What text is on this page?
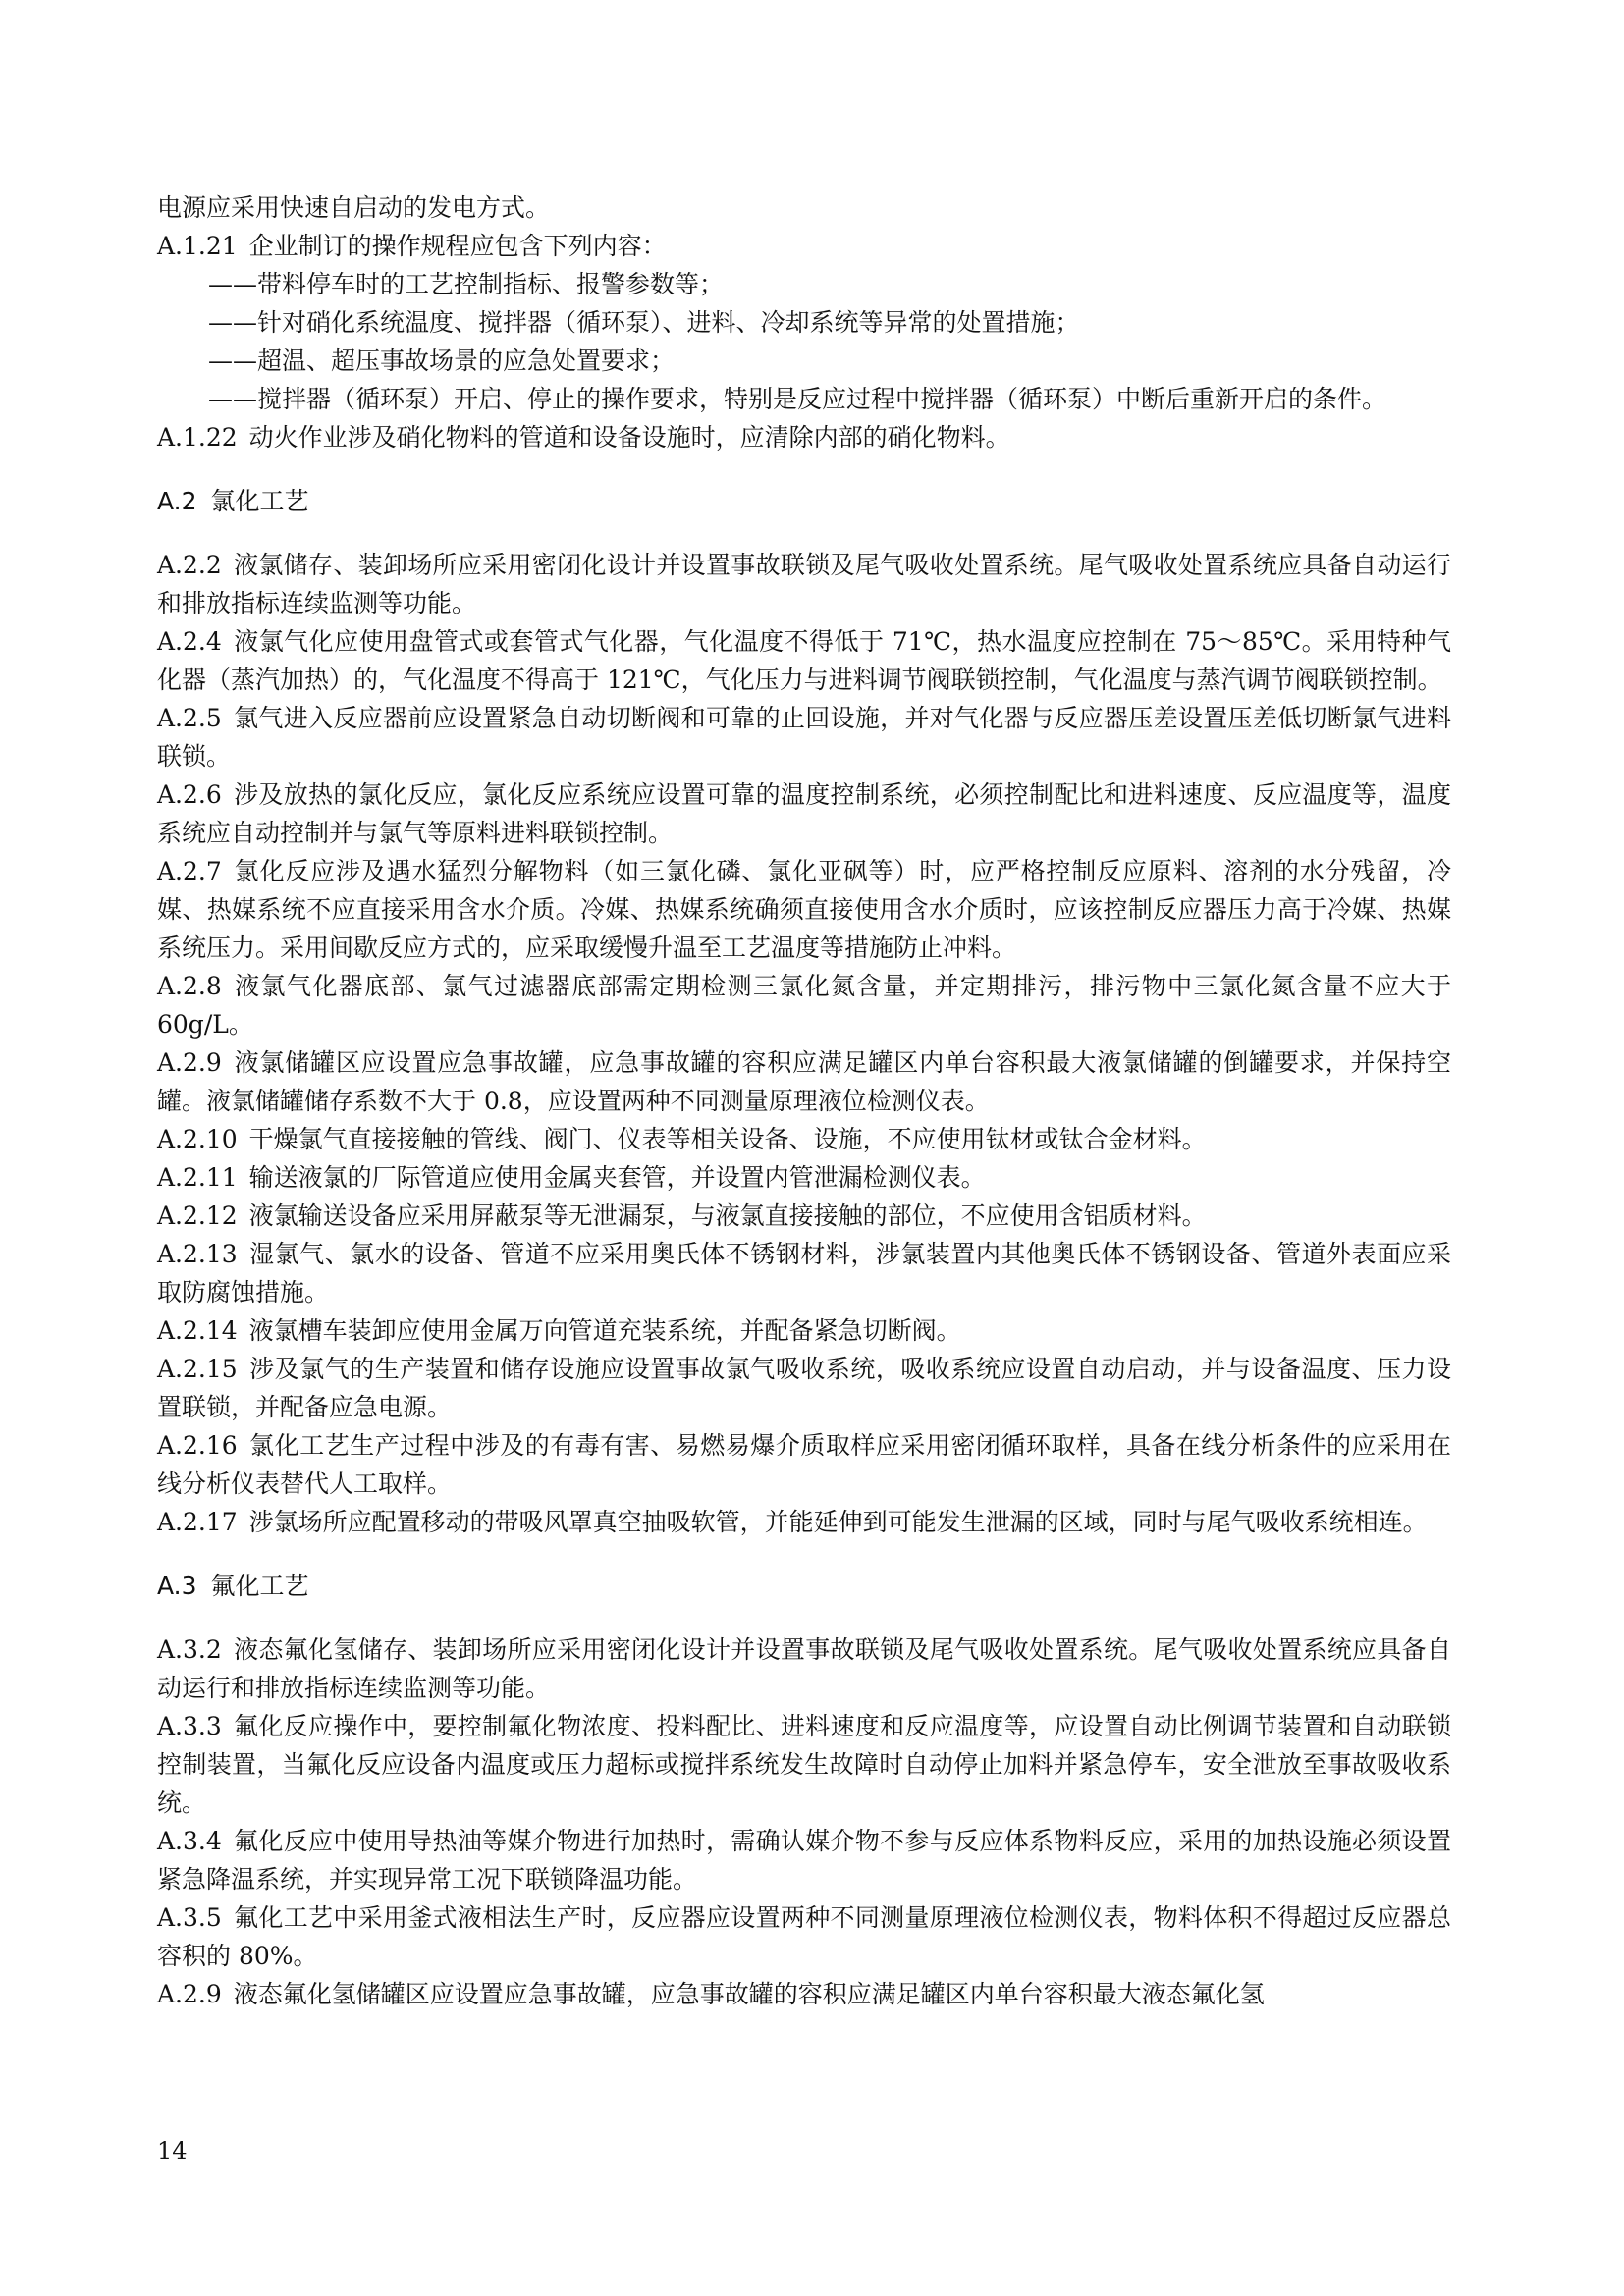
电源应采用快速自启动的发电方式。

A.1.21 企业制订的操作规程应包含下列内容：

——带料停车时的工艺控制指标、报警参数等；

——针对硝化系统温度、搅拌器（循环泵）、进料、冷却系统等异常的处置措施；

——超温、超压事故场景的应急处置要求；

——搅拌器（循环泵）开启、停止的操作要求，特别是反应过程中搅拌器（循环泵）中断后重新开启的条件。

A.1.22 动火作业涉及硝化物料的管道和设备设施时，应清除内部的硝化物料。

A.2 氯化工艺

A.2.2 液氯储存、装卸场所应采用密闭化设计并设置事故联锁及尾气吸收处置系统。尾气吸收处置系统应具备自动运行和排放指标连续监测等功能。

A.2.4 液氯气化应使用盘管式或套管式气化器，气化温度不得低于 71℃，热水温度应控制在 75～85℃。采用特种气化器（蒸汽加热）的，气化温度不得高于 121℃，气化压力与进料调节阀联锁控制，气化温度与蒸汽调节阀联锁控制。

A.2.5 氯气进入反应器前应设置紧急自动切断阀和可靠的止回设施，并对气化器与反应器压差设置压差低切断氯气进料联锁。

A.2.6 涉及放热的氯化反应，氯化反应系统应设置可靠的温度控制系统，必须控制配比和进料速度、反应温度等，温度系统应自动控制并与氯气等原料进料联锁控制。

A.2.7 氯化反应涉及遇水猛烈分解物料（如三氯化磷、氯化亚砜等）时，应严格控制反应原料、溶剂的水分残留，冷媒、热媒系统不应直接采用含水介质。冷媒、热媒系统确须直接使用含水介质时，应该控制反应器压力高于冷媒、热媒系统压力。采用间歇反应方式的，应采取缓慢升温至工艺温度等措施防止冲料。

A.2.8 液氯气化器底部、氯气过滤器底部需定期检测三氯化氮含量，并定期排污，排污物中三氯化氮含量不应大于 60g/L。

A.2.9 液氯储罐区应设置应急事故罐，应急事故罐的容积应满足罐区内单台容积最大液氯储罐的倒罐要求，并保持空罐。液氯储罐储存系数不大于 0.8，应设置两种不同测量原理液位检测仪表。

A.2.10 干燥氯气直接接触的管线、阀门、仪表等相关设备、设施，不应使用钛材或钛合金材料。

A.2.11 输送液氯的厂际管道应使用金属夹套管，并设置内管泄漏检测仪表。

A.2.12 液氯输送设备应采用屏蔽泵等无泄漏泵，与液氯直接接触的部位，不应使用含铝质材料。

A.2.13 湿氯气、氯水的设备、管道不应采用奥氏体不锈钢材料，涉氯装置内其他奥氏体不锈钢设备、管道外表面应采取防腐蚀措施。

A.2.14 液氯槽车装卸应使用金属万向管道充装系统，并配备紧急切断阀。

A.2.15 涉及氯气的生产装置和储存设施应设置事故氯气吸收系统，吸收系统应设置自动启动，并与设备温度、压力设置联锁，并配备应急电源。

A.2.16 氯化工艺生产过程中涉及的有毒有害、易燃易爆介质取样应采用密闭循环取样，具备在线分析条件的应采用在线分析仪表替代人工取样。

A.2.17 涉氯场所应配置移动的带吸风罩真空抽吸软管，并能延伸到可能发生泄漏的区域，同时与尾气吸收系统相连。

A.3 氟化工艺

A.3.2 液态氟化氢储存、装卸场所应采用密闭化设计并设置事故联锁及尾气吸收处置系统。尾气吸收处置系统应具备自动运行和排放指标连续监测等功能。

A.3.3 氟化反应操作中，要控制氟化物浓度、投料配比、进料速度和反应温度等，应设置自动比例调节装置和自动联锁控制装置，当氟化反应设备内温度或压力超标或搅拌系统发生故障时自动停止加料并紧急停车，安全泄放至事故吸收系统。

A.3.4 氟化反应中使用导热油等媒介物进行加热时，需确认媒介物不参与反应体系物料反应，采用的加热设施必须设置紧急降温系统，并实现异常工况下联锁降温功能。

A.3.5 氟化工艺中采用釜式液相法生产时，反应器应设置两种不同测量原理液位检测仪表，物料体积不得超过反应器总容积的 80%。

A.2.9 液态氟化氢储罐区应设置应急事故罐，应急事故罐的容积应满足罐区内单台容积最大液态氟化氢

14
